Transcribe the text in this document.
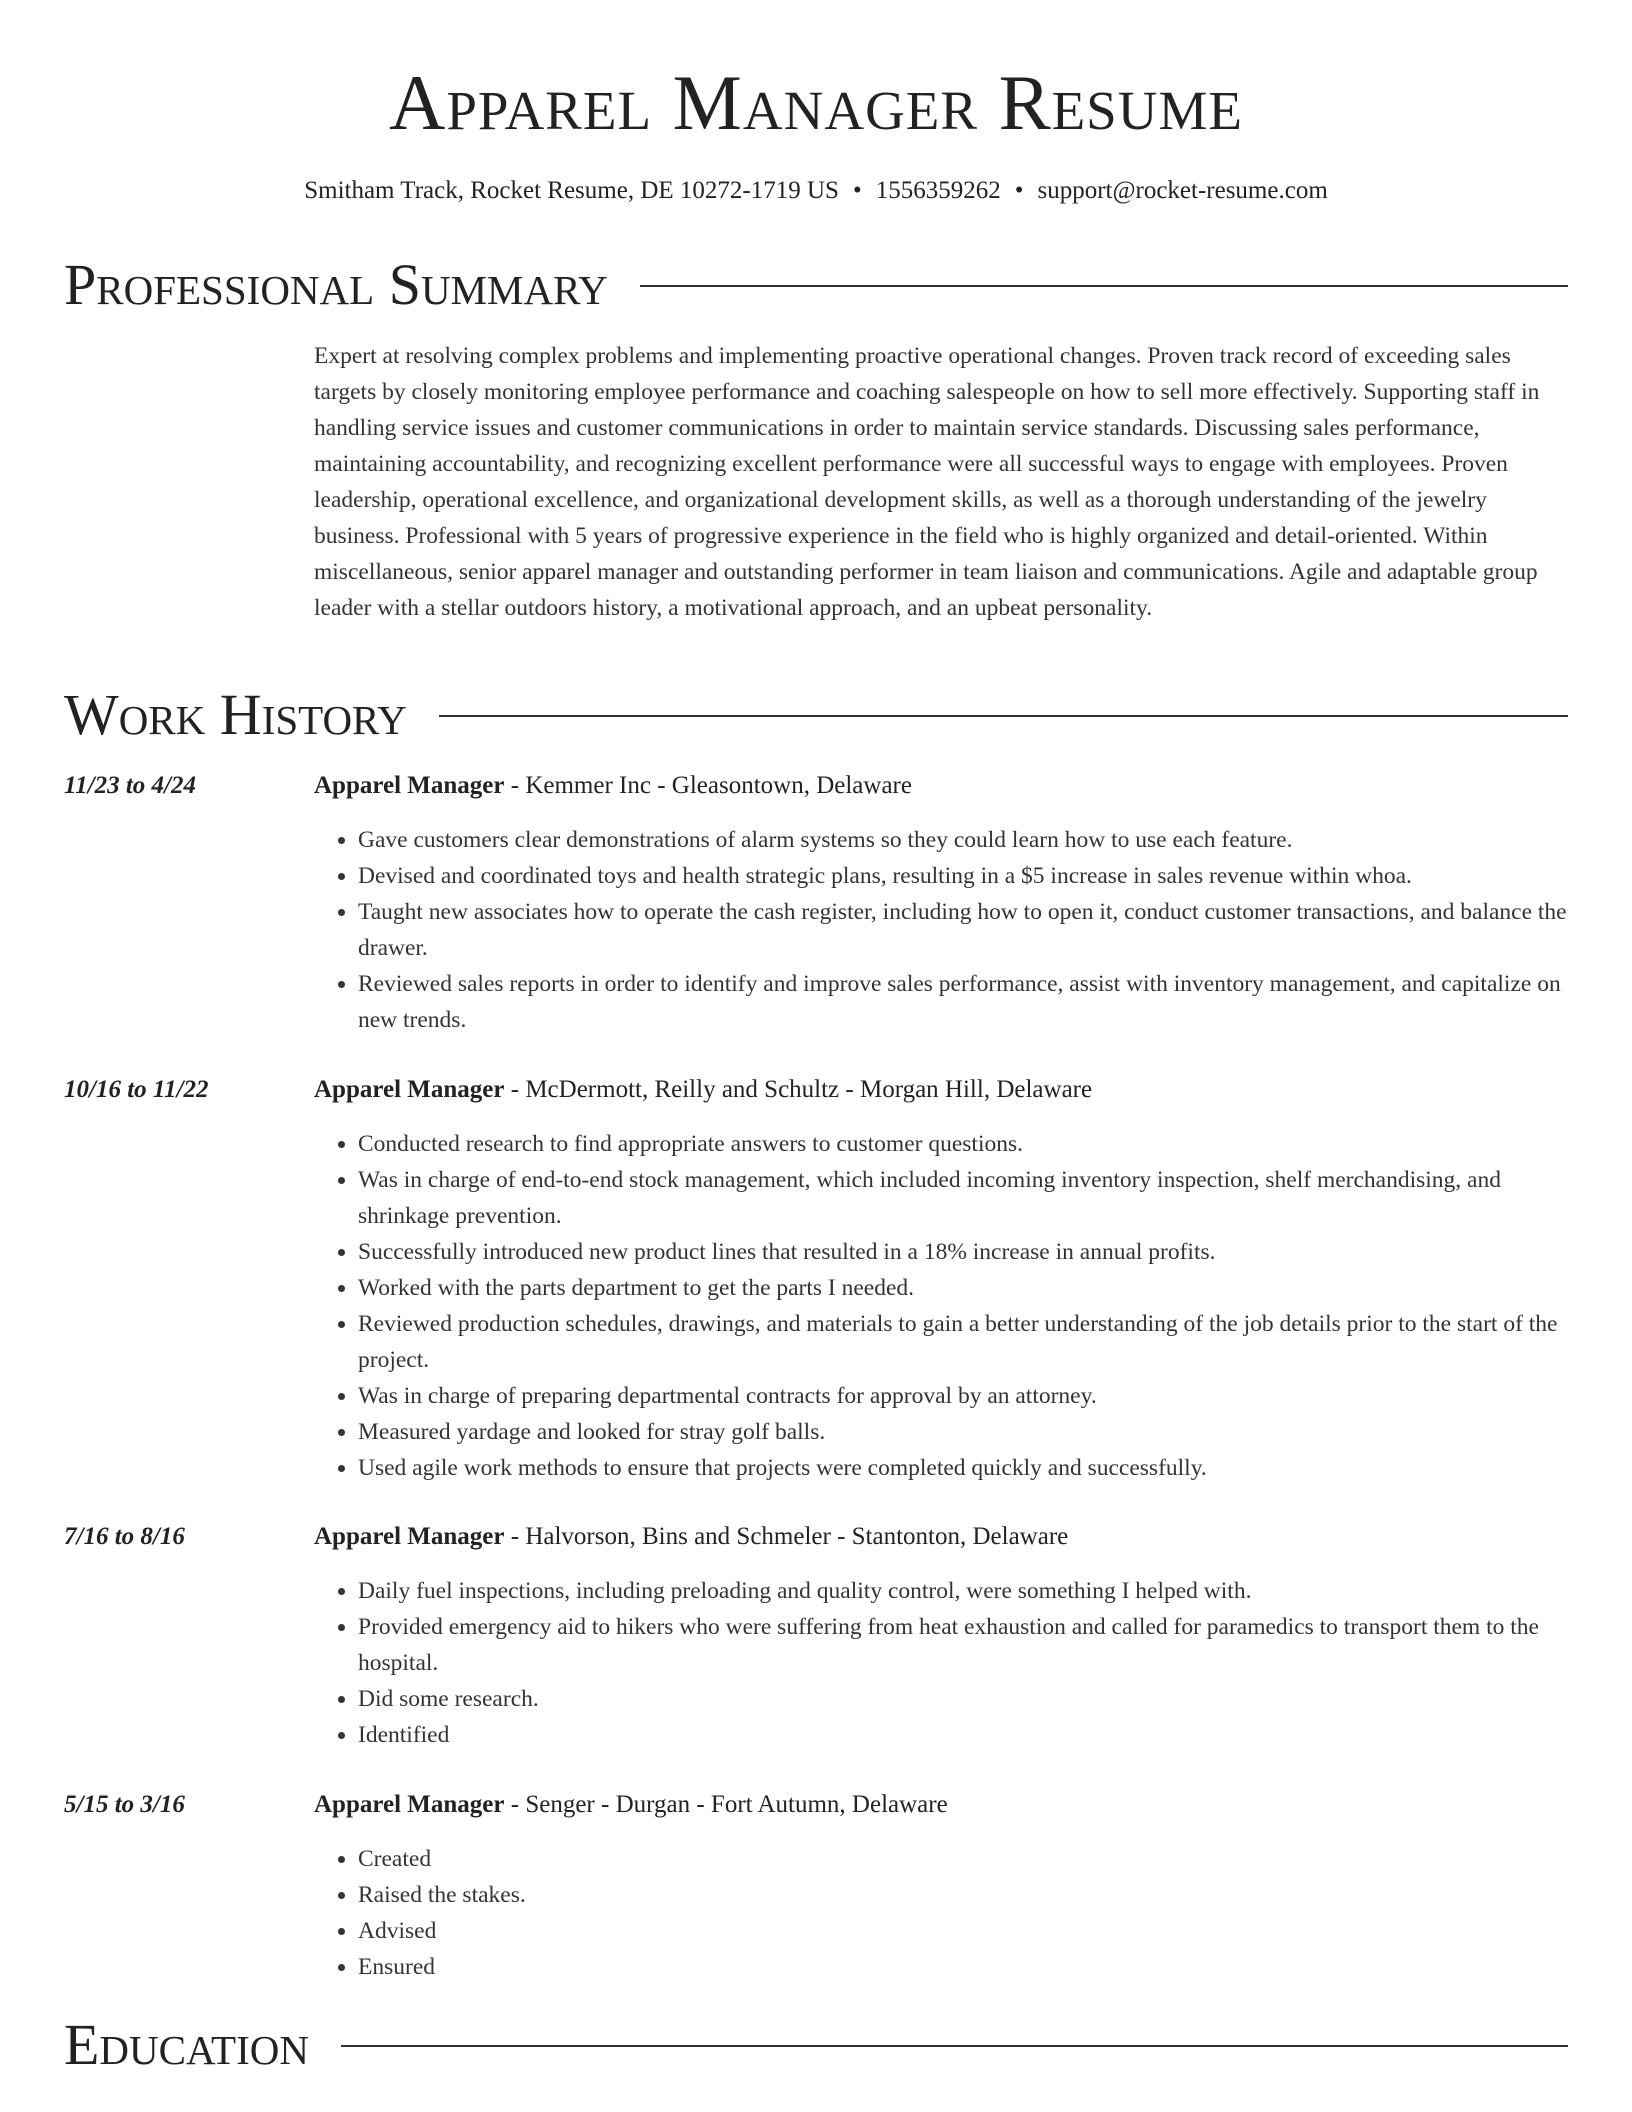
Apparel Manager Resume
Smitham Track, Rocket Resume, DE 10272-1719 US • 1556359262 • support@rocket-resume.com
Professional Summary
Expert at resolving complex problems and implementing proactive operational changes. Proven track record of exceeding sales targets by closely monitoring employee performance and coaching salespeople on how to sell more effectively. Supporting staff in handling service issues and customer communications in order to maintain service standards. Discussing sales performance, maintaining accountability, and recognizing excellent performance were all successful ways to engage with employees. Proven leadership, operational excellence, and organizational development skills, as well as a thorough understanding of the jewelry business. Professional with 5 years of progressive experience in the field who is highly organized and detail-oriented. Within miscellaneous, senior apparel manager and outstanding performer in team liaison and communications. Agile and adaptable group leader with a stellar outdoors history, a motivational approach, and an upbeat personality.
Work History
11/23 to 4/24	Apparel Manager - Kemmer Inc - Gleasontown, Delaware
• Gave customers clear demonstrations of alarm systems so they could learn how to use each feature.
• Devised and coordinated toys and health strategic plans, resulting in a $5 increase in sales revenue within whoa.
• Taught new associates how to operate the cash register, including how to open it, conduct customer transactions, and balance the drawer.
• Reviewed sales reports in order to identify and improve sales performance, assist with inventory management, and capitalize on new trends.
10/16 to 11/22	Apparel Manager - McDermott, Reilly and Schultz - Morgan Hill, Delaware
• Conducted research to find appropriate answers to customer questions.
• Was in charge of end-to-end stock management, which included incoming inventory inspection, shelf merchandising, and shrinkage prevention.
• Successfully introduced new product lines that resulted in a 18% increase in annual profits.
• Worked with the parts department to get the parts I needed.
• Reviewed production schedules, drawings, and materials to gain a better understanding of the job details prior to the start of the project.
• Was in charge of preparing departmental contracts for approval by an attorney.
• Measured yardage and looked for stray golf balls.
• Used agile work methods to ensure that projects were completed quickly and successfully.
7/16 to 8/16	Apparel Manager - Halvorson, Bins and Schmeler - Stantonton, Delaware
• Daily fuel inspections, including preloading and quality control, were something I helped with.
• Provided emergency aid to hikers who were suffering from heat exhaustion and called for paramedics to transport them to the hospital.
• Did some research.
• Identified
5/15 to 3/16	Apparel Manager - Senger - Durgan - Fort Autumn, Delaware
• Created
• Raised the stakes.
• Advised
• Ensured
Education
